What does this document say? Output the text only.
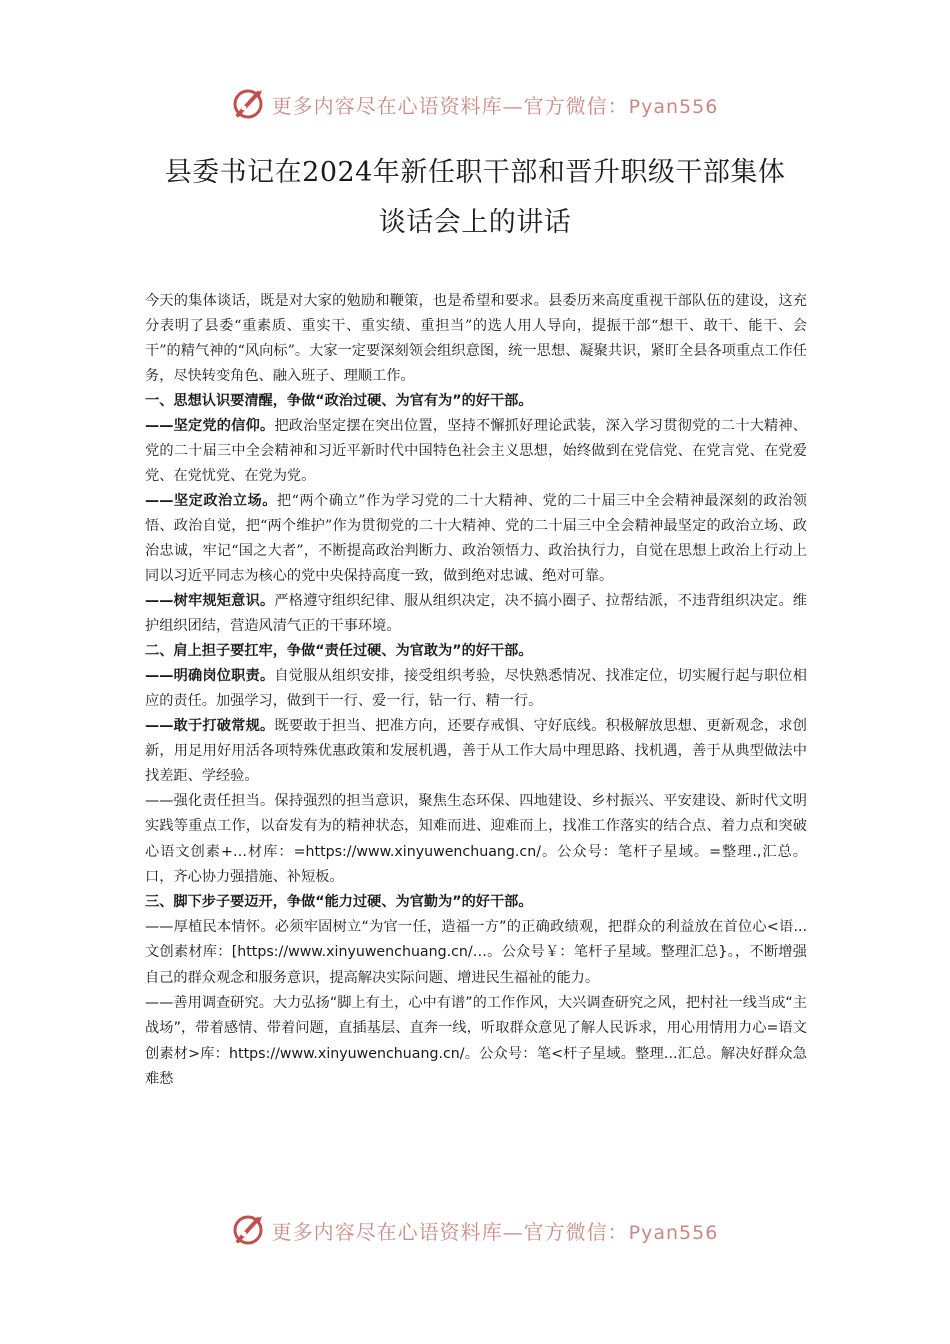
更多内容尽在心语资料库—官方微信：Pyan556
县委书记在2024年新任职干部和晋升职级干部集体
谈话会上的讲话

今天的集体谈话，既是对大家的勉励和鞭策，也是希望和要求。县委历来高度重视干部队伍的建设，这充分表明了县委“重素质、重实干、重实绩、重担当”的选人用人导向，提振干部“想干、敢干、能干、会干”的精气神的“风向标”。大家一定要深刻领会组织意图，统一思想、凝聚共识，紧盯全县各项重点工作任务，尽快转变角色、融入班子、理顺工作。

一、思想认识要清醒，争做“政治过硬、为官有为”的好干部。

——坚定党的信仰。把政治坚定摆在突出位置，坚持不懈抓好理论武装，深入学习贯彻党的二十大精神、党的二十届三中全会精神和习近平新时代中国特色社会主义思想，始终做到在党信党、在党言党、在党爱党、在党忧党、在党为党。

——坚定政治立场。把“两个确立”作为学习党的二十大精神、党的二十届三中全会精神最深刻的政治领悟、政治自觉，把“两个维护”作为贯彻党的二十大精神、党的二十届三中全会精神最坚定的政治立场、政治忠诚，牢记“国之大者”，不断提高政治判断力、政治领悟力、政治执行力，自觉在思想上政治上行动上同以习近平同志为核心的党中央保持高度一致，做到绝对忠诚、绝对可靠。

——树牢规矩意识。严格遵守组织纪律、服从组织决定，决不搞小圈子、拉帮结派，不违背组织决定。维护组织团结，营造风清气正的干事环境。

二、肩上担子要扛牢，争做“责任过硬、为官敢为”的好干部。

——明确岗位职责。自觉服从组织安排，接受组织考验，尽快熟悉情况、找准定位，切实履行起与职位相应的责任。加强学习，做到干一行、爱一行，钻一行、精一行。

——敢于打破常规。既要敢于担当、把准方向，还要存戒惧、守好底线。积极解放思想、更新观念，求创新，用足用好用活各项特殊优惠政策和发展机遇，善于从工作大局中理思路、找机遇，善于从典型做法中找差距、学经验。

——强化责任担当。保持强烈的担当意识，聚焦生态环保、四地建设、乡村振兴、平安建设、新时代文明实践等重点工作，以奋发有为的精神状态，知难而进、迎难而上，找准工作落实的结合点、着力点和突破心语文创素+…材库：=https://www.xinyuwenchuang.cn/。公众号：笔杆子星域。=整理.,汇总。口，齐心协力强措施、补短板。

三、脚下步子要迈开，争做“能力过硬、为官勤为”的好干部。

——厚植民本情怀。必须牢固树立“为官一任，造福一方”的正确政绩观，把群众的利益放在首位心<语...文创素材库：[https://www.xinyuwenchuang.cn/…。公众号￥：笔杆子星域。整理汇总}。，不断增强自己的群众观念和服务意识，提高解决实际问题、增进民生福祉的能力。

——善用调查研究。大力弘扬“脚上有土，心中有谱”的工作作风，大兴调查研究之风，把村社一线当成“主战场”，带着感情、带着问题，直插基层、直奔一线，听取群众意见了解人民诉求，用心用情用力心=语文创素材>库：https://www.xinyuwenchuang.cn/。公众号：笔<杆子星域。整理...汇总。解决好群众急难愁

更多内容尽在心语资料库—官方微信：Pyan556
